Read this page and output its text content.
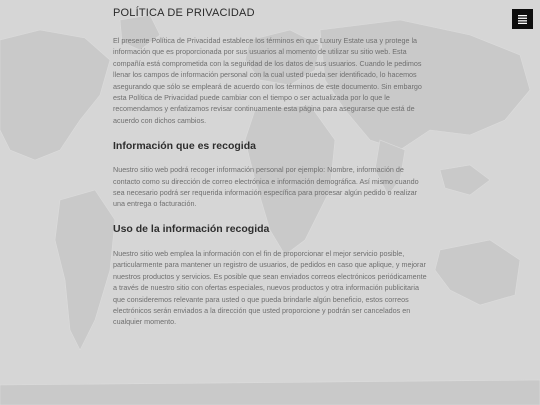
POLÍTICA DE PRIVACIDAD

El presente Política de Privacidad establece los términos en que Luxury Estate usa y protege la información que es proporcionada por sus usuarios al momento de utilizar su sitio web. Esta compañía está comprometida con la seguridad de los datos de sus usuarios. Cuando le pedimos llenar los campos de información personal con la cual usted pueda ser identificado, lo hacemos asegurando que sólo se empleará de acuerdo con los términos de este documento. Sin embargo esta Política de Privacidad puede cambiar con el tiempo o ser actualizada por lo que le recomendamos y enfatizamos revisar continuamente esta página para asegurarse que está de acuerdo con dichos cambios.

Información que es recogida

Nuestro sitio web podrá recoger información personal por ejemplo: Nombre, información de contacto como su dirección de correo electrónica e información demográfica. Así mismo cuando sea necesario podrá ser requerida información específica para procesar algún pedido o realizar una entrega o facturación.

Uso de la información recogida

Nuestro sitio web emplea la información con el fin de proporcionar el mejor servicio posible, particularmente para mantener un registro de usuarios, de pedidos en caso que aplique, y mejorar nuestros productos y servicios. Es posible que sean enviados correos electrónicos periódicamente a través de nuestro sitio con ofertas especiales, nuevos productos y otra información publicitaria que consideremos relevante para usted o que pueda brindarle algún beneficio, estos correos electrónicos serán enviados a la dirección que usted proporcione y podrán ser cancelados en cualquier momento.
